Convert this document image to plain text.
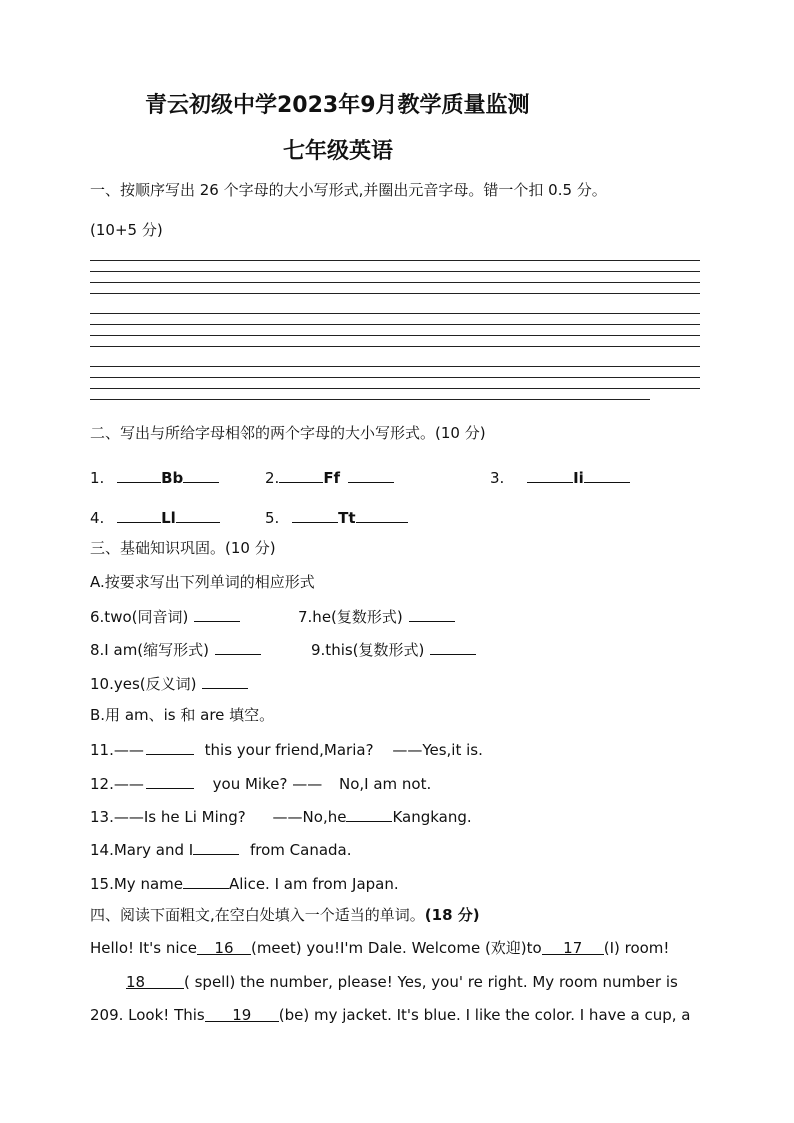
青云初级中学2023年9月教学质量监测
七年级英语
一、按顺序写出 26 个字母的大小写形式,并圈出元音字母。错一个扣 0.5 分。
(10+5 分)
二、写出与所给字母相邻的两个字母的大小写形式。(10 分)
1.	Bb	2.	Ff	3.	Ii
4.	Ll	5.	Tt
三、基础知识巩固。(10 分)
A.按要求写出下列单词的相应形式
6.two(同音词)	7.he(复数形式)
8.I am(缩写形式)	9.this(复数形式)
10.yes(反义词)
B.用 am、is 和 are 填空。
11.——	this your friend,Maria? ——Yes,it is.
12.——	you Mike? —— No,I am not.
13.——Is he Li Ming? ——No,he	Kangkang.
14.Mary and I	from Canada.
15.My name	Alice. I am from Japan.
四、阅读下面粗文,在空白处填入一个适当的单词。(18 分)
Hello! It's nice 16 (meet) you!I'm Dale. Welcome (欢迎)to 17 (I) room!
18	( spell) the number, please! Yes, you' re right. My room number is
209. Look! This 19 (be) my jacket. It's blue. I like the color. I have a cup, a
